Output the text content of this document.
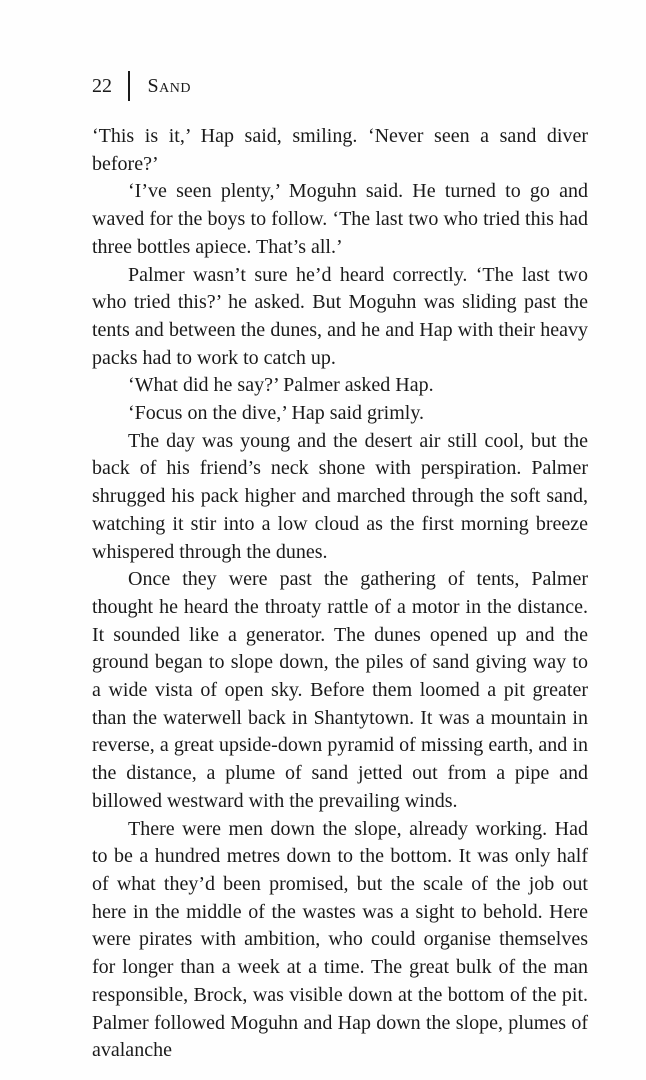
22 Sand

‘This is it,’ Hap said, smiling. ‘Never seen a sand diver before?’

‘I’ve seen plenty,’ Moguhn said. He turned to go and waved for the boys to follow. ‘The last two who tried this had three bottles apiece. That’s all.’

Palmer wasn’t sure he’d heard correctly. ‘The last two who tried this?’ he asked. But Moguhn was sliding past the tents and between the dunes, and he and Hap with their heavy packs had to work to catch up.

‘What did he say?’ Palmer asked Hap.

‘Focus on the dive,’ Hap said grimly.

The day was young and the desert air still cool, but the back of his friend’s neck shone with perspiration. Palmer shrugged his pack higher and marched through the soft sand, watching it stir into a low cloud as the first morning breeze whispered through the dunes.

Once they were past the gathering of tents, Palmer thought he heard the throaty rattle of a motor in the distance. It sounded like a generator. The dunes opened up and the ground began to slope down, the piles of sand giving way to a wide vista of open sky. Before them loomed a pit greater than the waterwell back in Shantytown. It was a mountain in reverse, a great upside-down pyramid of missing earth, and in the distance, a plume of sand jetted out from a pipe and billowed westward with the prevailing winds.

There were men down the slope, already working. Had to be a hundred metres down to the bottom. It was only half of what they’d been promised, but the scale of the job out here in the middle of the wastes was a sight to behold. Here were pirates with ambition, who could organise themselves for longer than a week at a time. The great bulk of the man responsible, Brock, was visible down at the bottom of the pit. Palmer followed Moguhn and Hap down the slope, plumes of avalanche
